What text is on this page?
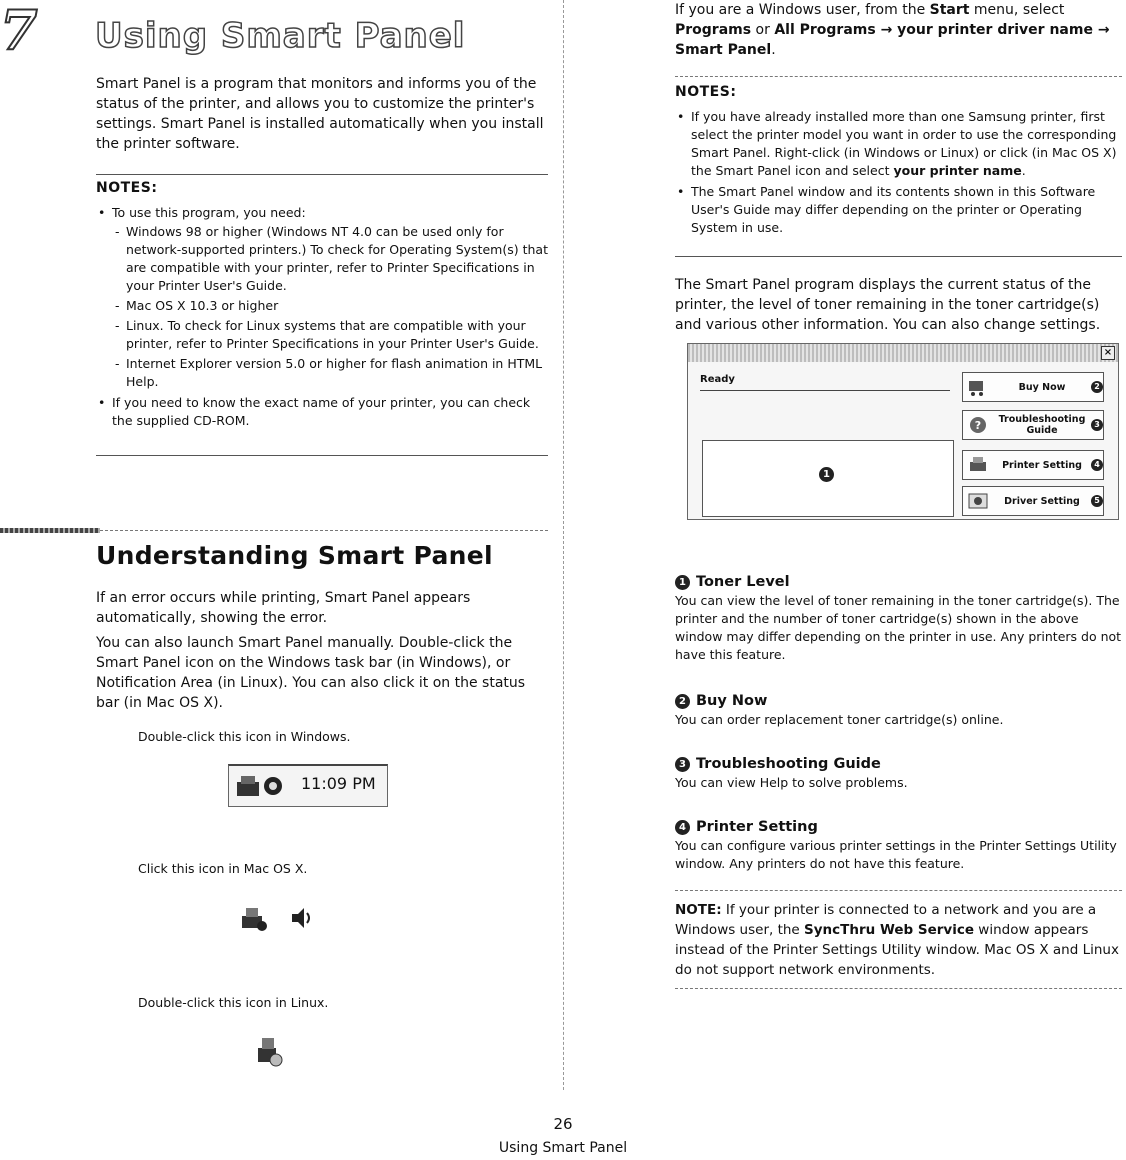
7 Using Smart Panel
Smart Panel is a program that monitors and informs you of the status of the printer, and allows you to customize the printer's settings. Smart Panel is installed automatically when you install the printer software.
NOTES:
• To use this program, you need:
- Windows 98 or higher (Windows NT 4.0 can be used only for network-supported printers.) To check for Operating System(s) that are compatible with your printer, refer to Printer Specifications in your Printer User's Guide.
- Mac OS X 10.3 or higher
- Linux. To check for Linux systems that are compatible with your printer, refer to Printer Specifications in your Printer User's Guide.
- Internet Explorer version 5.0 or higher for flash animation in HTML Help.
• If you need to know the exact name of your printer, you can check the supplied CD-ROM.
Understanding Smart Panel
If an error occurs while printing, Smart Panel appears automatically, showing the error.
You can also launch Smart Panel manually. Double-click the Smart Panel icon on the Windows task bar (in Windows), or Notification Area (in Linux). You can also click it on the status bar (in Mac OS X).
Double-click this icon in Windows.
11:09 PM
Click this icon in Mac OS X.
Double-click this icon in Linux.
If you are a Windows user, from the Start menu, select Programs or All Programs → your printer driver name → Smart Panel.
NOTES:
• If you have already installed more than one Samsung printer, first select the printer model you want in order to use the corresponding Smart Panel. Right-click (in Windows or Linux) or click (in Mac OS X) the Smart Panel icon and select your printer name.
• The Smart Panel window and its contents shown in this Software User's Guide may differ depending on the printer or Operating System in use.
The Smart Panel program displays the current status of the printer, the level of toner remaining in the toner cartridge(s) and various other information. You can also change settings.
×
Ready
1
Buy Now	2
?	Troubleshooting Guide
3
Printer Setting	4
Driver Setting	5
1 Toner Level
You can view the level of toner remaining in the toner cartridge(s). The printer and the number of toner cartridge(s) shown in the above window may differ depending on the printer in use. Any printers do not have this feature.
2 Buy Now
You can order replacement toner cartridge(s) online.
3 Troubleshooting Guide
You can view Help to solve problems.
4 Printer Setting
You can configure various printer settings in the Printer Settings Utility window. Any printers do not have this feature.
NOTE: If your printer is connected to a network and you are a Windows user, the SyncThru Web Service window appears instead of the Printer Settings Utility window. Mac OS X and Linux do not support network environments.
26
Using Smart Panel
